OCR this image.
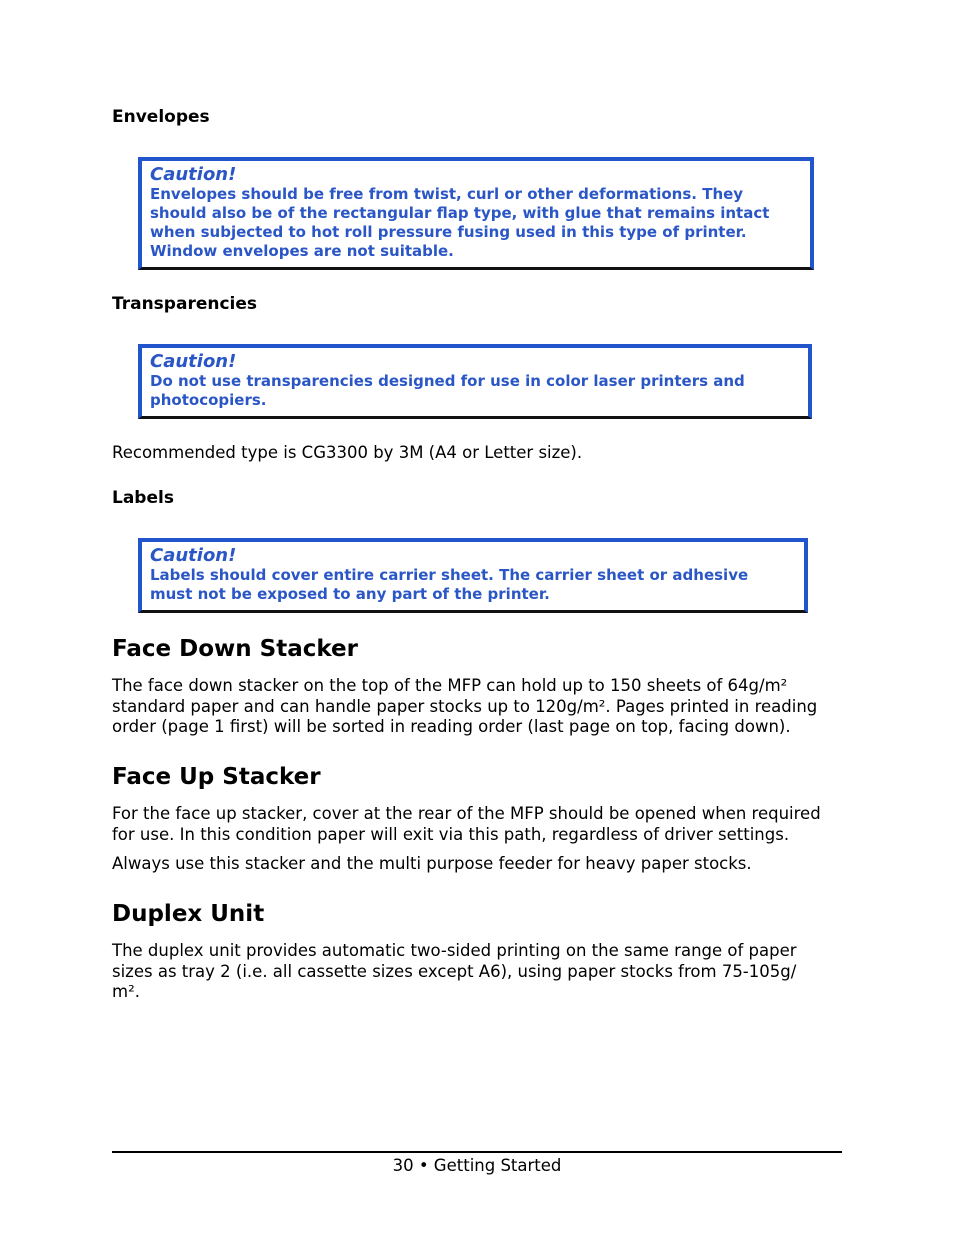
Envelopes
Caution!
Envelopes should be free from twist, curl or other deformations. They
should also be of the rectangular flap type, with glue that remains intact
when subjected to hot roll pressure fusing used in this type of printer.
Window envelopes are not suitable.
Transparencies
Caution!
Do not use transparencies designed for use in color laser printers and
photocopiers.

Recommended type is CG3300 by 3M (A4 or Letter size).

Labels
Caution!
Labels should cover entire carrier sheet. The carrier sheet or adhesive
must not be exposed to any part of the printer.
Face Down Stacker

The face down stacker on the top of the MFP can hold up to 150 sheets of 64g/m²

standard paper and can handle paper stocks up to 120g/m². Pages printed in reading

order (page 1 first) will be sorted in reading order (last page on top, facing down).

Face Up Stacker

For the face up stacker, cover at the rear of the MFP should be opened when required

for use. In this condition paper will exit via this path, regardless of driver settings.

Always use this stacker and the multi purpose feeder for heavy paper stocks.

Duplex Unit

The duplex unit provides automatic two-sided printing on the same range of paper

sizes as tray 2 (i.e. all cassette sizes except A6), using paper stocks from 75-105g/

m².

30 • Getting Started
